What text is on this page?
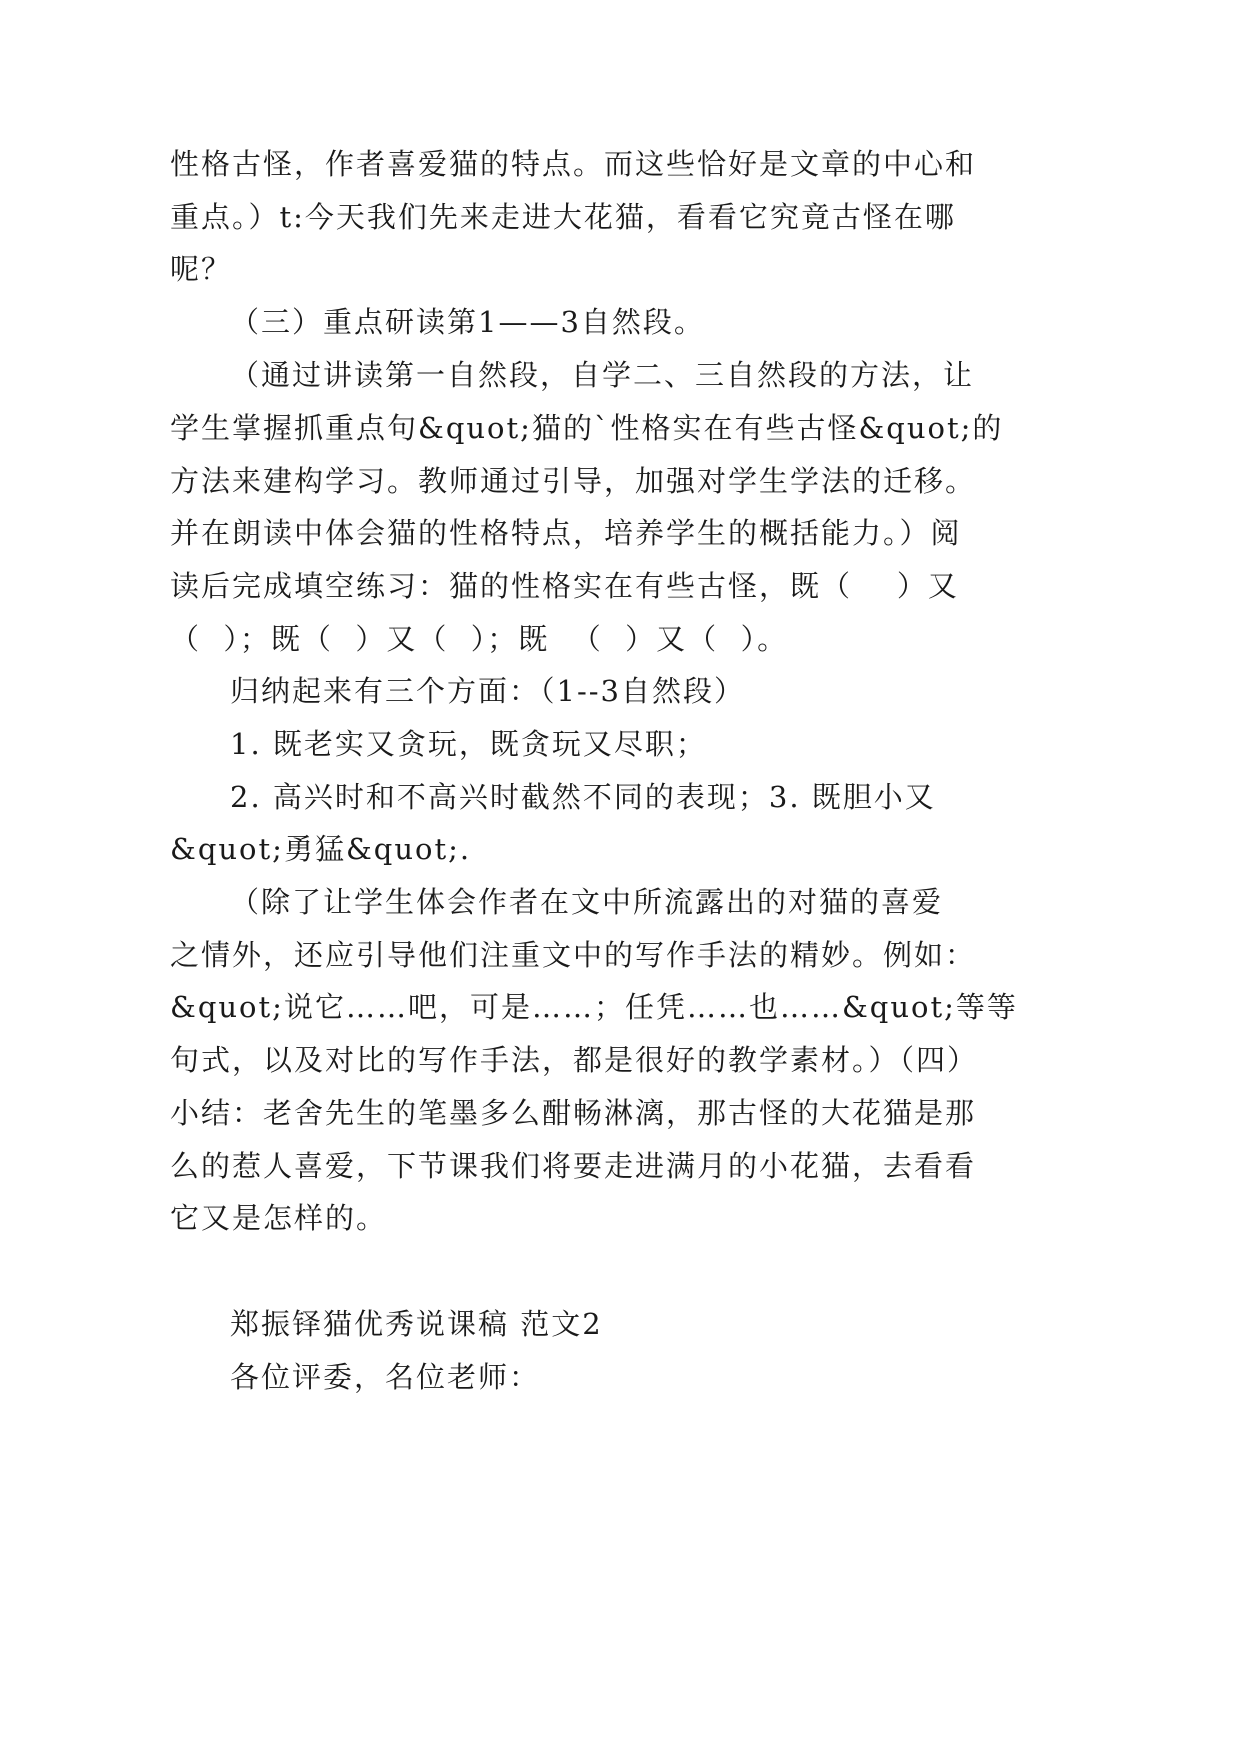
性格古怪，作者喜爱猫的特点。而这些恰好是文章的中心和
重点。）t:今天我们先来走进大花猫，看看它究竟古怪在哪
呢？
（三）重点研读第1——3自然段。
（通过讲读第一自然段，自学二、三自然段的方法，让
学生掌握抓重点句&quot;猫的`性格实在有些古怪&quot;的
方法来建构学习。教师通过引导，加强对学生学法的迁移。
并在朗读中体会猫的性格特点，培养学生的概括能力。）阅
读后完成填空练习：猫的性格实在有些古怪，既（    ）又
（  ）；既（  ）又（  ）；既  （  ）又（  ）。
归纳起来有三个方面：（1--3自然段）
1. 既老实又贪玩，既贪玩又尽职；
2. 高兴时和不高兴时截然不同的表现；3. 既胆小又
&quot;勇猛&quot;.
（除了让学生体会作者在文中所流露出的对猫的喜爱
之情外，还应引导他们注重文中的写作手法的精妙。例如：
&quot;说它……吧，可是……；任凭……也……&quot;等等
句式，以及对比的写作手法，都是很好的教学素材。）（四）
小结：老舍先生的笔墨多么酣畅淋漓，那古怪的大花猫是那
么的惹人喜爱，下节课我们将要走进满月的小花猫，去看看
它又是怎样的。
郑振铎猫优秀说课稿 范文2
各位评委，名位老师：
